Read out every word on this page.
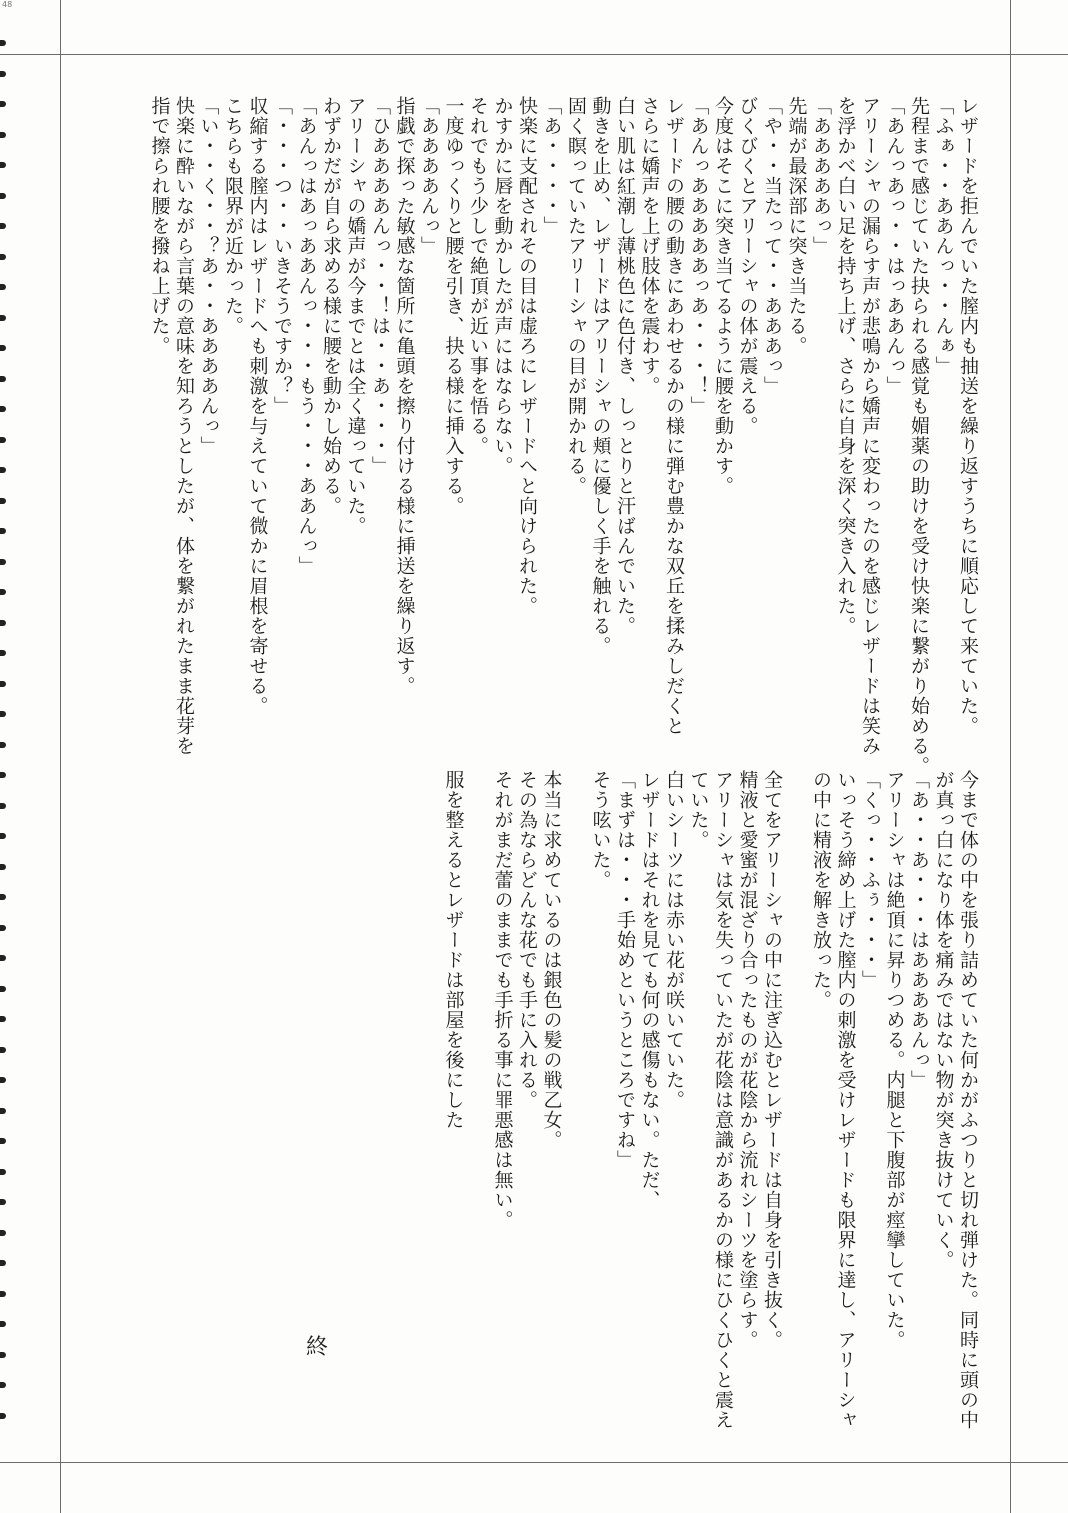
48
レザードを拒んでいた膣内も抽送を繰り返すうちに順応して来ていた。
「ふぁ・・ああんっ・・んぁ」
先程まで感じていた抉られる感覚も媚薬の助けを受け快楽に繋がり始める。
「あんっあっ・・はっああんっ」
アリーシャの漏らす声が悲鳴から嬌声に変わったのを感じレザードは笑み
を浮かべ白い足を持ち上げ、さらに自身を深く突き入れた。
「あああああっ」
先端が最深部に突き当たる。
「や・・当たって・・あああっ」
びくびくとアリーシャの体が震える。
今度はそこに突き当てるように腰を動かす。
「あんっあああああっあ・・・！」
レザードの腰の動きにあわせるかの様に弾む豊かな双丘を揉みしだくと
さらに嬌声を上げ肢体を震わす。
白い肌は紅潮し薄桃色に色付き、しっとりと汗ばんでいた。
動きを止め、レザードはアリーシャの頬に優しく手を触れる。
固く瞑っていたアリーシャの目が開かれる。
「あ・・・・」
快楽に支配されその目は虚ろにレザードへと向けられた。
かすかに唇を動かしたが声にはならない。
それでもう少しで絶頂が近い事を悟る。
一度ゆっくりと腰を引き、抉る様に挿入する。
「ああああんっ」
指戯で探った敏感な箇所に亀頭を擦り付ける様に挿送を繰り返す。
「ひああああんっ・・！は・・あ・・・」
アリーシャの嬌声が今までとは全く違っていた。
わずかだが自ら求める様に腰を動かし始める。
「あんっはあっああんっ・・・もう・・・ああんっ」
「・・・つ・・いきそうですか？」
収縮する膣内はレザードへも刺激を与えていて微かに眉根を寄せる。
こちらも限界が近かった。
「い・・く・・？あ・・ああああんっ」
快楽に酔いながら言葉の意味を知ろうとしたが、体を繋がれたまま花芽を
指で擦られ腰を撥ね上げた。
今まで体の中を張り詰めていた何かがふつりと切れ弾けた。同時に頭の中
が真っ白になり体を痛みではない物が突き抜けていく。
「あ・・あ・・・はああああんっ」
アリーシャは絶頂に昇りつめる。内腿と下腹部が痙攣していた。
「くっ・・ふぅ・・・」
いっそう締め上げた膣内の刺激を受けレザードも限界に達し、アリーシャ
の中に精液を解き放った。

全てをアリーシャの中に注ぎ込むとレザードは自身を引き抜く。
精液と愛蜜が混ざり合ったものが花陰から流れシーツを塗らす。
アリーシャは気を失っていたが花陰は意識があるかの様にひくひくと震え
ていた。
白いシーツには赤い花が咲いていた。
レザードはそれを見ても何の感傷もない。ただ、
「まずは・・・手始めというところですね」
そう呟いた。

本当に求めているのは銀色の髪の戦乙女。
その為ならどんな花でも手に入れる。
それがまだ蕾のままでも手折る事に罪悪感は無い。

服を整えるとレザードは部屋を後にした
終
